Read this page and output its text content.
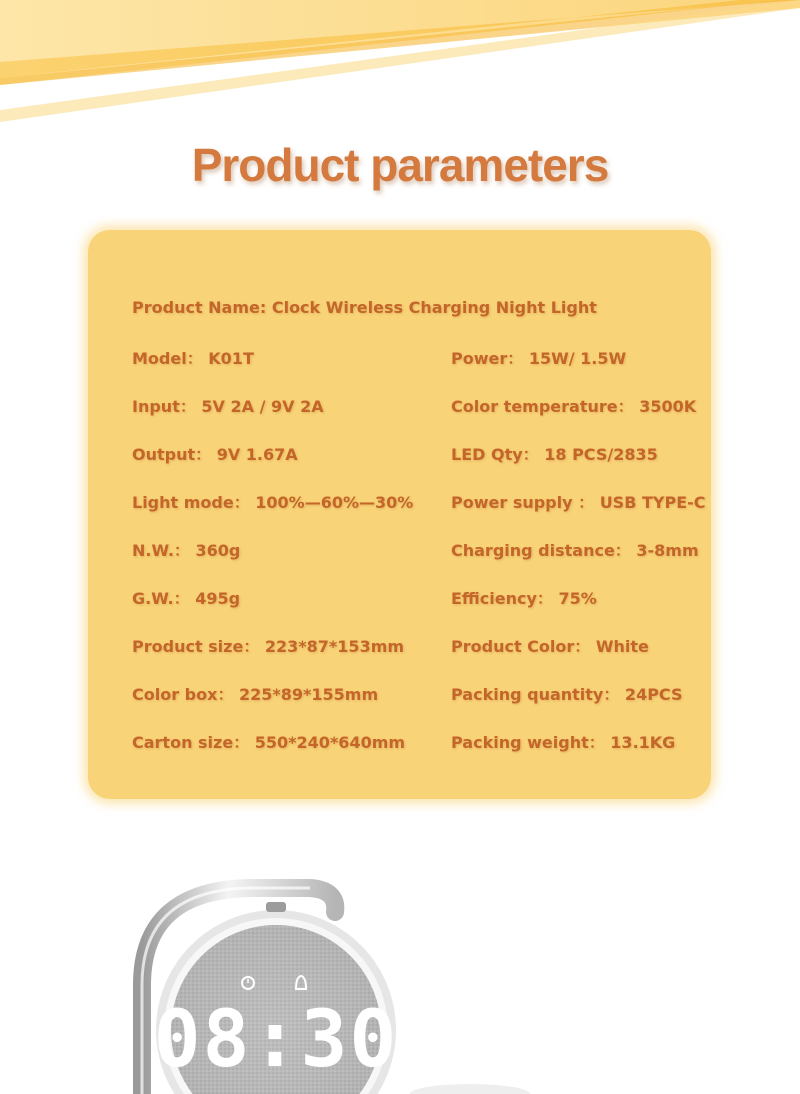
Product parameters
Product Name: Clock Wireless Charging Night Light
Model： K01T
Input： 5V 2A / 9V 2A
Output： 9V 1.67A
Light mode： 100%—60%—30%
N.W.： 360g
G.W.： 495g
Product size： 223*87*153mm
Color box： 225*89*155mm
Carton size： 550*240*640mm
Power： 15W/ 1.5W
Color temperature： 3500K
LED Qty： 18 PCS/2835
Power supply ： USB TYPE-C
Charging distance： 3-8mm
Efficiency： 75%
Product Color： White
Packing quantity： 24PCS
Packing weight： 13.1KG
08:30
